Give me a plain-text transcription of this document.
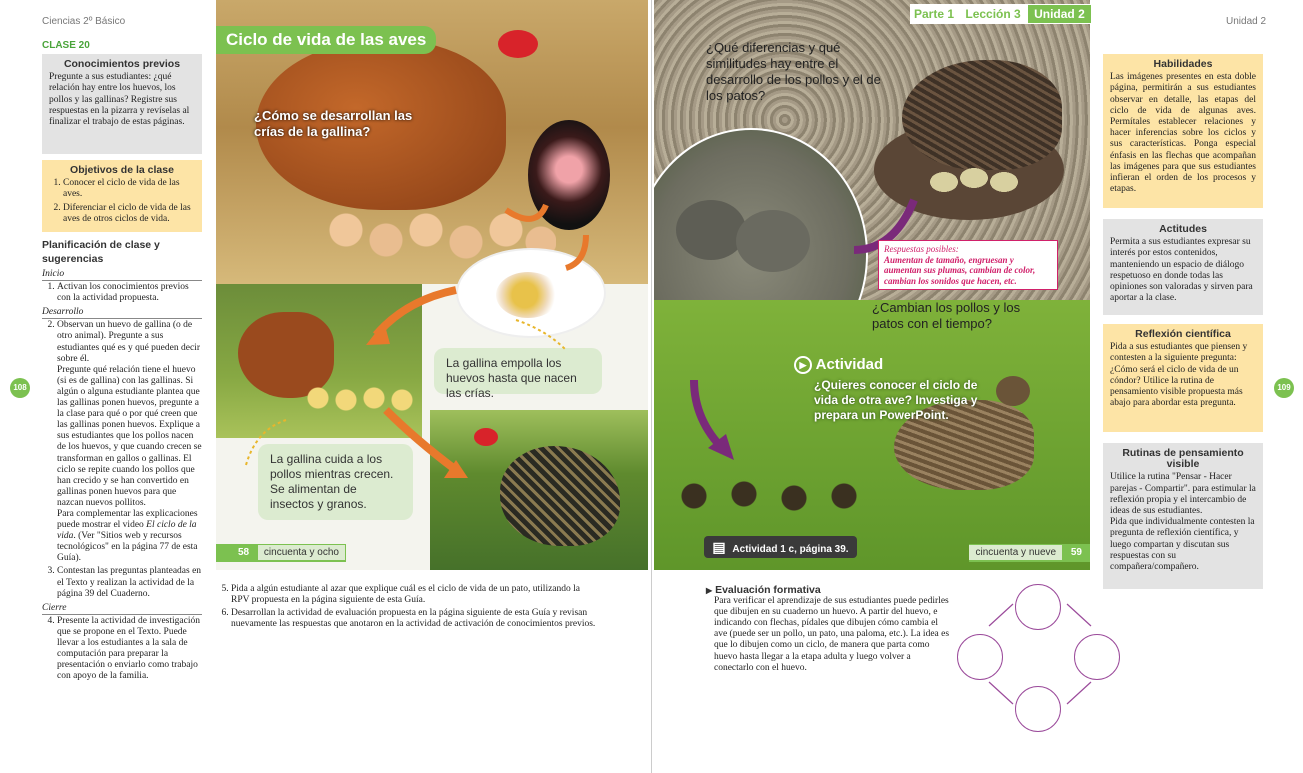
Ciencias 2º Básico
CLASE 20
Conocimientos previos
Pregunte a sus estudiantes: ¿qué relación hay entre los huevos, los pollos y las gallinas? Registre sus respuestas en la pizarra y revíselas al finalizar el trabajo de estas páginas.
Objetivos de la clase
1. Conocer el ciclo de vida de las aves.
2. Diferenciar el ciclo de vida de las aves de otros ciclos de vida.
Planificación de clase y sugerencias
Inicio
1. Activan los conocimientos previos con la actividad propuesta.
Desarrollo
2. Observan un huevo de gallina (o de otro animal). Pregunte a sus estudiantes qué es y qué pueden decir sobre él.
Pregunte qué relación tiene el huevo (si es de gallina) con las gallinas. Si algún o alguna estudiante plantea que las gallinas ponen huevos, pregunte a la clase para qué o por qué creen que las gallinas ponen huevos. Explique a sus estudiantes que los pollos nacen de los huevos, y que cuando crecen se transforman en gallos o gallinas. El ciclo se repite cuando los pollos que han crecido y se han convertido en gallinas ponen huevos para que nazcan nuevos pollitos.
Para complementar las explicaciones puede mostrar el video El ciclo de la vida. (Ver "Sitios web y recursos tecnológicos" en la página 77 de esta Guía).
3. Contestan las preguntas planteadas en el Texto y realizan la actividad de la página 39 del Cuaderno.
Cierre
4. Presente la actividad de investigación que se propone en el Texto. Puede llevar a los estudiantes a la sala de computación para preparar la presentación o enviarlo como trabajo con apoyo de la familia.
108
Ciclo de vida de las aves
¿Cómo se desarrollan las crías de la gallina?
La gallina empolla los huevos hasta que nacen las crías.
La gallina cuida a los pollos mientras crecen. Se alimentan de insectos y granos.
58 cincuenta y ocho
5. Pida a algún estudiante al azar que explique cuál es el ciclo de vida de un pato, utilizando la RPV propuesta en la página siguiente de esta Guía.
6. Desarrollan la actividad de evaluación propuesta en la página siguiente de esta Guía y revisan nuevamente las respuestas que anotaron en la actividad de activación de conocimientos previos.
¿Qué diferencias y qué similitudes hay entre el desarrollo de los pollos y el de los patos?
Respuestas posibles:
Aumentan de tamaño, engruesan y aumentan sus plumas, cambian de color, cambian los sonidos que hacen, etc.
¿Cambian los pollos y los patos con el tiempo?
▶ Actividad
¿Quieres conocer el ciclo de vida de otra ave? Investiga y prepara un PowerPoint.
▤ Actividad 1 c, página 39.	cincuenta y nueve 59
Parte 1 Lección 3 Unidad 2
▶ Evaluación formativa
Para verificar el aprendizaje de sus estudiantes puede pedirles que dibujen en su cuaderno un huevo. A partir del huevo, e indicando con flechas, pídales que dibujen cómo cambia el ave (puede ser un pollo, un pato, una paloma, etc.). La idea es que lo dibujen como un ciclo, de manera que parta como huevo hasta llegar a la etapa adulta y luego volver a conectarlo con el huevo.
Unidad 2
Habilidades
Las imágenes presentes en esta doble página, permitirán a sus estudiantes observar en detalle, las etapas del ciclo de vida de algunas aves. Permítales establecer relaciones y hacer inferencias sobre los ciclos y sus características. Ponga especial énfasis en las flechas que acompañan las imágenes para que sus estudiantes infieran el orden de los procesos y etapas.
Actitudes
Permita a sus estudiantes expresar su interés por estos contenidos, manteniendo un espacio de diálogo respetuoso en donde todas las opiniones son valoradas y sirven para aportar a la clase.
Reflexión científica
Pida a sus estudiantes que piensen y contesten a la siguiente pregunta: ¿Cómo será el ciclo de vida de un cóndor? Utilice la rutina de pensamiento visible propuesta más abajo para abordar esta pregunta.
Rutinas de pensamiento visible
Utilice la rutina "Pensar - Hacer parejas - Compartir". para estimular la reflexión propia y el intercambio de ideas de sus estudiantes.
Pida que individualmente contesten la pregunta de reflexión científica, y luego compartan y discutan sus respuestas con su compañera/compañero.
109
